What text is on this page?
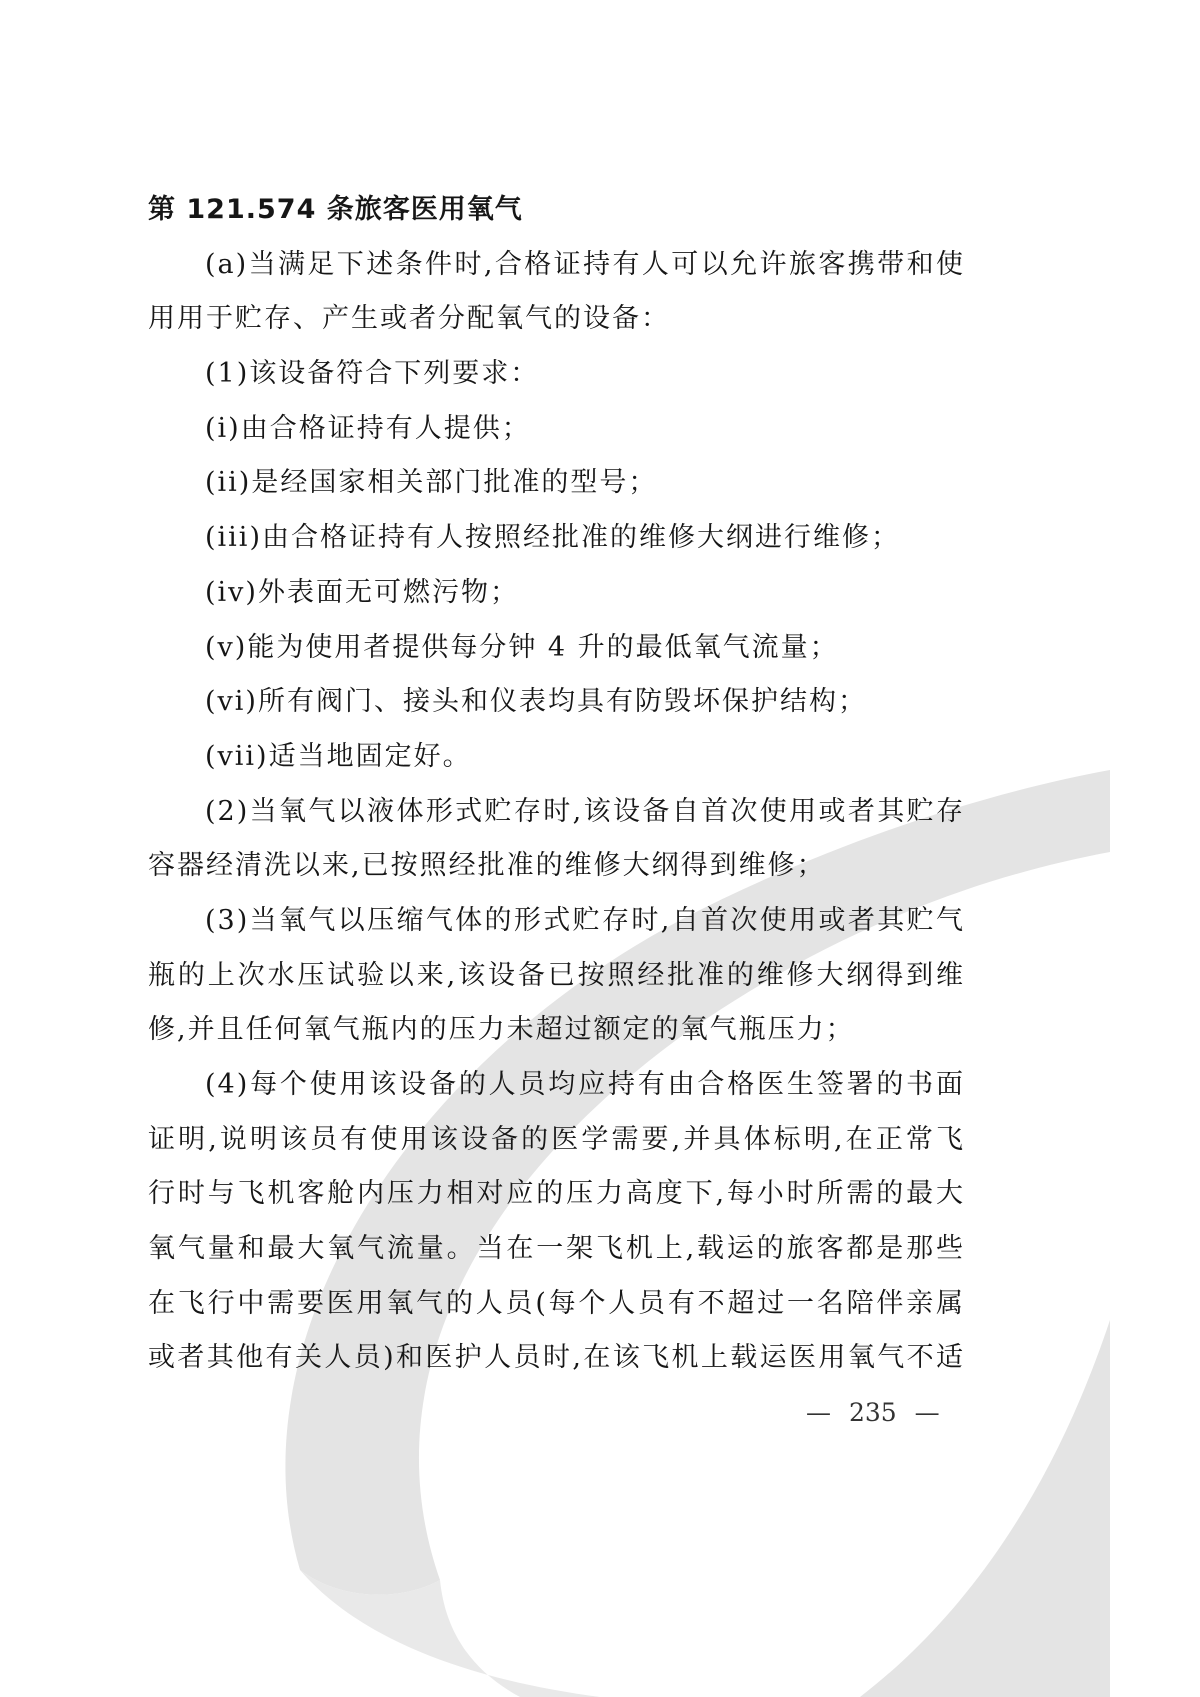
第 121.574 条旅客医用氧气
(a)当满足下述条件时,合格证持有人可以允许旅客携带和使
用用于贮存、产生或者分配氧气的设备：
(1)该设备符合下列要求：
(i)由合格证持有人提供；
(ii)是经国家相关部门批准的型号；
(iii)由合格证持有人按照经批准的维修大纲进行维修；
(iv)外表面无可燃污物；
(v)能为使用者提供每分钟 4 升的最低氧气流量；
(vi)所有阀门、接头和仪表均具有防毁坏保护结构；
(vii)适当地固定好。
(2)当氧气以液体形式贮存时,该设备自首次使用或者其贮存
容器经清洗以来,已按照经批准的维修大纲得到维修；
(3)当氧气以压缩气体的形式贮存时,自首次使用或者其贮气
瓶的上次水压试验以来,该设备已按照经批准的维修大纲得到维
修,并且任何氧气瓶内的压力未超过额定的氧气瓶压力；
(4)每个使用该设备的人员均应持有由合格医生签署的书面
证明,说明该员有使用该设备的医学需要,并具体标明,在正常飞
行时与飞机客舱内压力相对应的压力高度下,每小时所需的最大
氧气量和最大氧气流量。当在一架飞机上,载运的旅客都是那些
在飞行中需要医用氧气的人员(每个人员有不超过一名陪伴亲属
或者其他有关人员)和医护人员时,在该飞机上载运医用氧气不适
— 235 —
